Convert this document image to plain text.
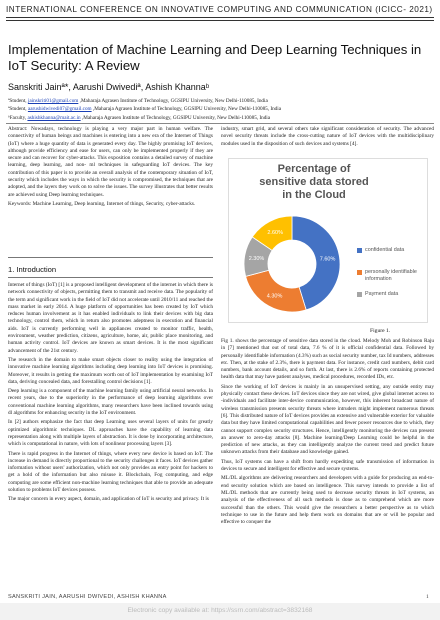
INTERNATIONAL CONFERENCE ON INNOVATIVE COMPUTING AND COMMUNICATION (ICICC- 2021)
Implementation of Machine Learning and Deep Learning Techniques in IoT Security: A Review
Sanskriti Jainª*, Aarushi Dwivediª, Ashish Khannaᵇ
ªStudent, jainskriti01@gmail.com ,Maharaja Agrasen Institute of Technology, GGSIPU University, New Delhi-110085, India
ªStudent, aarushidwivedi07@gmail.com ,Maharaja Agrasen Institute of Technology, GGSIPU University, New Delhi-110085, India
ᵇFaculty, ashishkhanna@mait.ac.in ,Maharaja Agrasen Institute of Technology, GGSIPU University, New Delhi-110085, India

Abstract: Nowadays, technology is playing a very major part in human welfare. The connectivity of human beings and machines is entering into a new era of the Internet of Things (IoT) where a huge quantity of data is generated every day. The highly promising IoT devices, although provide efficiency and ease for users, can only be implemented properly if they are secure and can recover for cyber-attacks. This exposition contains a detailed survey of machine learning, deep learning, and non- ml techniques in safeguarding IoT devices. The key contribution of this paper is to provide an overall analysis of the contemporary situation of IoT, security which includes the ways in which the security is compromised, the techniques that are adopted, and the layers they work on to solve the issues. The survey illustrates that better results are achieved using Deep learning techniques.

Keywords: Machine Learning, Deep learning, Internet of things, Security, cyber-attacks.

1. Introduction

Internet of things (IoT) [1] is a proposed intelligent development of the internet in which there is network connectivity of objects, permitting them to transmit and receive data. The popularity of the term and significant work in the field of IoT did not accelerate until 2010/11 and reached the mass market in early 2014. A huge platform of opportunities has been created by IoT which reduces human involvement as it has enabled individuals to link their devices with big data technology, control them, which in return also promotes adeptness in execution and financial aids. IoT is currently performing well in appliances created to monitor traffic, health, environment, weather prediction, citizens, agriculture, home, air, public place monitoring, and human activity control. IoT devices are known as smart devices. It is the most significant advancement of the 21st century.

The research in the domain to make smart objects closer to reality using the integration of innovative machine learning algorithms including deep learning into IoT devices is promising. Moreover, it results in getting the maximum worth out of IoT implementation by examining IoT data, deriving concealed data, and forestalling control decisions [1].

Deep learning is a component of the machine learning family using artificial neural networks. In recent years, due to the superiority in the performance of deep learning algorithms over conventional machine learning algorithms, many researchers have been inclined towards using dl algorithms for enhancing security in the IoT environment.

In [2] authors emphasize the fact that deep Learning uses several layers of units for greatly optimized algorithmic techniques. DL approaches have the capability of learning data representation along with multiple layers of abstraction. It is done by incorporating architecture, which is computational in nature, with lots of nonlinear processing layers [3].

There is rapid progress in the Internet of things, where every new device is based on IoT. The increase in demand is directly proportional to the security challenges it faces. IoT devices gather information without users' authorization, which not only provides an entry point for hackers to get a hold of the information but also misuse it. Blockchain, Fog computing, and edge computing are some efficient non-machine learning techniques that able to provide an adequate solution to problems IoT devices possess.

The major concern in every aspect, domain, and application of IoT is security and privacy. It is

industry, smart grid, and several others take significant consideration of security. The advanced novel security threats include the cross-cutting nature of IoT devices with the multidisciplinary modules used in the disposition of such devices and systems [4].
Percentage of
sensitive data stored
in the Cloud
7.60%
4.30%
2.30%
2.60%
confidential data
personally identifiable information
Payment data
Figure 1.

Fig 1. shows the percentage of sensitive data stored in the cloud. Melody Moh and Robinson Raju in [7] mentioned that out of total data, 7.6 % of it is official confidential data. Followed by personally identifiable information (4.3%) such as social security number, tax Id numbers, addresses etc. Then, at the stake of 2.3%, there is payment data. For instance, credit card numbers, debit card numbers, bank account details, and so forth. At last, there is 2.6% of reports containing protected health data that may have patient analyses, medical procedures, recorded IDs, etc.

Since the working of IoT devices is mainly in an unsupervised setting, any outside entity may physically contact these devices. IoT devices since they are not wired, give global internet access to -individuals and facilitate inter-device communication, however, this inherent broadcast nature of wireless transmission presents security threats where intruders might implement numerous threats [6]. This distributed nature of IoT devices provides an extensive and vulnerable exterior for valuable data but they have limited computational capabilities and fewer power resources due to which, they cannot support complex security structures. Hence, intelligently monitoring the devices can present an answer to zero-day attacks [8]. Machine learning/Deep Learning could be helpful in the prediction of new attacks, as they can intelligently analyze the current trend and predict future unknown attacks from their database and knowledge gained.

Thus, IoT systems can have a shift from hardly expediting safe transmission of information in devices to secure and intelligent for effective and secure systems.

ML/DL algorithms are delivering researchers and developers with a guide for producing an end-to-end security solution which are based on intelligence. This survey intends to provide a list of ML/DL methods that are currently being used to decrease security threats in IoT systems, an analysis of the effectiveness of all such methods is done as to comprehend which are more successful than the others. This would give the researchers a better perspective as to which technique to use in the future and help them work on domains that are or will be popular and effective to conquer the

SANSKRITI JAIN, AARUSHI DWIVEDI, ASHISH KHANNA	1
Electronic copy available at: https://ssrn.com/abstract=3832168
